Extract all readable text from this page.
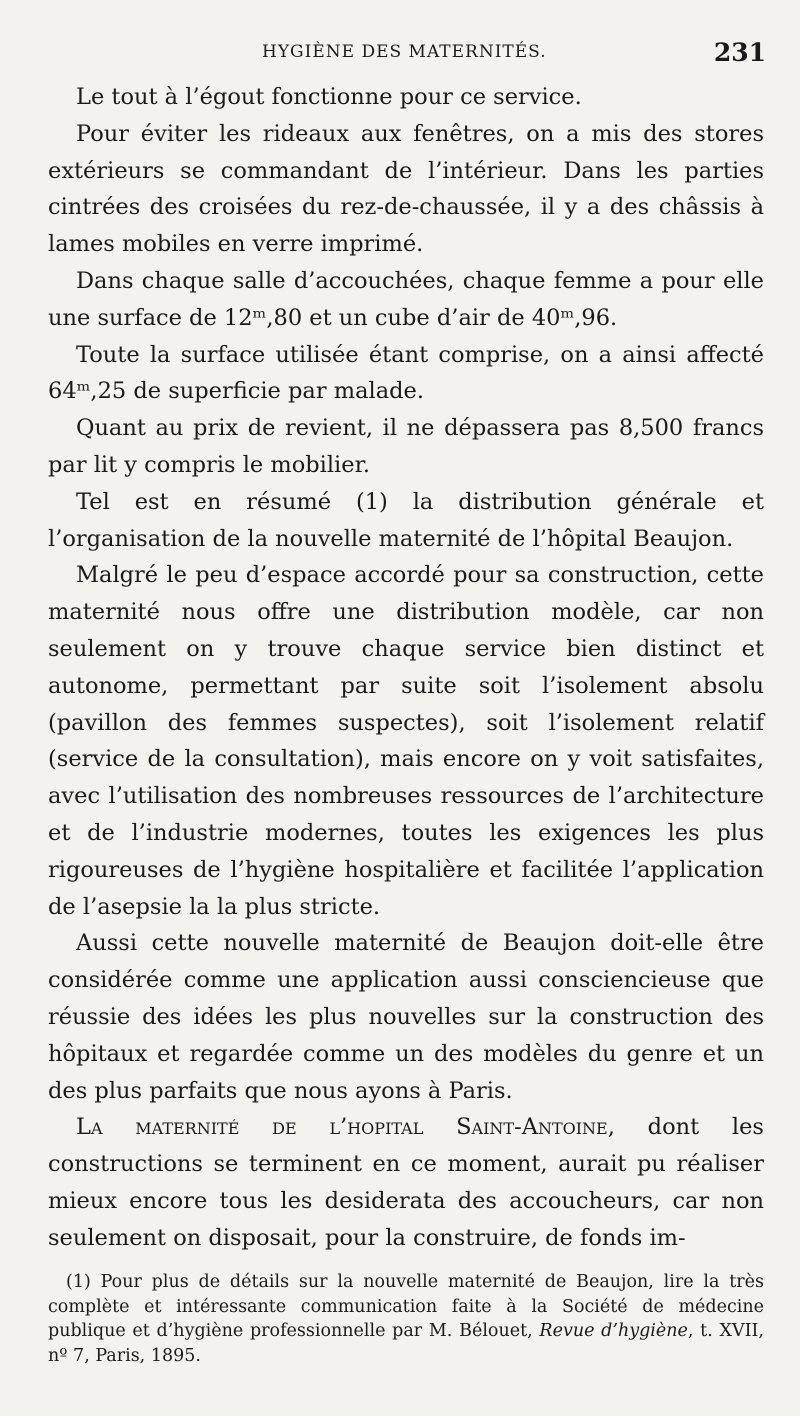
HYGIÈNE DES MATERNITÉS.	231

Le tout à l’égout fonctionne pour ce service.

Pour éviter les rideaux aux fenêtres, on a mis des stores extérieurs se commandant de l’intérieur. Dans les parties cintrées des croisées du rez-de-chaussée, il y a des châssis à lames mobiles en verre imprimé.

Dans chaque salle d’accouchées, chaque femme a pour elle une surface de 12ᵐ,80 et un cube d’air de 40ᵐ,96.

Toute la surface utilisée étant comprise, on a ainsi affecté 64ᵐ,25 de superficie par malade.

Quant au prix de revient, il ne dépassera pas 8,500 francs par lit y compris le mobilier.

Tel est en résumé (1) la distribution générale et l’organisation de la nouvelle maternité de l’hôpital Beaujon.

Malgré le peu d’espace accordé pour sa construction, cette maternité nous offre une distribution modèle, car non seulement on y trouve chaque service bien distinct et autonome, permettant par suite soit l’isolement absolu (pavillon des femmes suspectes), soit l’isolement relatif (service de la consultation), mais encore on y voit satisfaites, avec l’utilisation des nombreuses ressources de l’architecture et de l’industrie modernes, toutes les exigences les plus rigoureuses de l’hygiène hospitalière et facilitée l’application de l’asepsie la la plus stricte.

Aussi cette nouvelle maternité de Beaujon doit-elle être considérée comme une application aussi consciencieuse que réussie des idées les plus nouvelles sur la construction des hôpitaux et regardée comme un des modèles du genre et un des plus parfaits que nous ayons à Paris.

La maternité de l’hopital Saint-Antoine, dont les constructions se terminent en ce moment, aurait pu réaliser mieux encore tous les desiderata des accoucheurs, car non seulement on disposait, pour la construire, de fonds im-

(1) Pour plus de détails sur la nouvelle maternité de Beaujon, lire la très complète et intéressante communication faite à la Société de médecine publique et d’hygiène professionnelle par M. Bélouet, Revue d’hygiène, t. XVII, nº 7, Paris, 1895.
